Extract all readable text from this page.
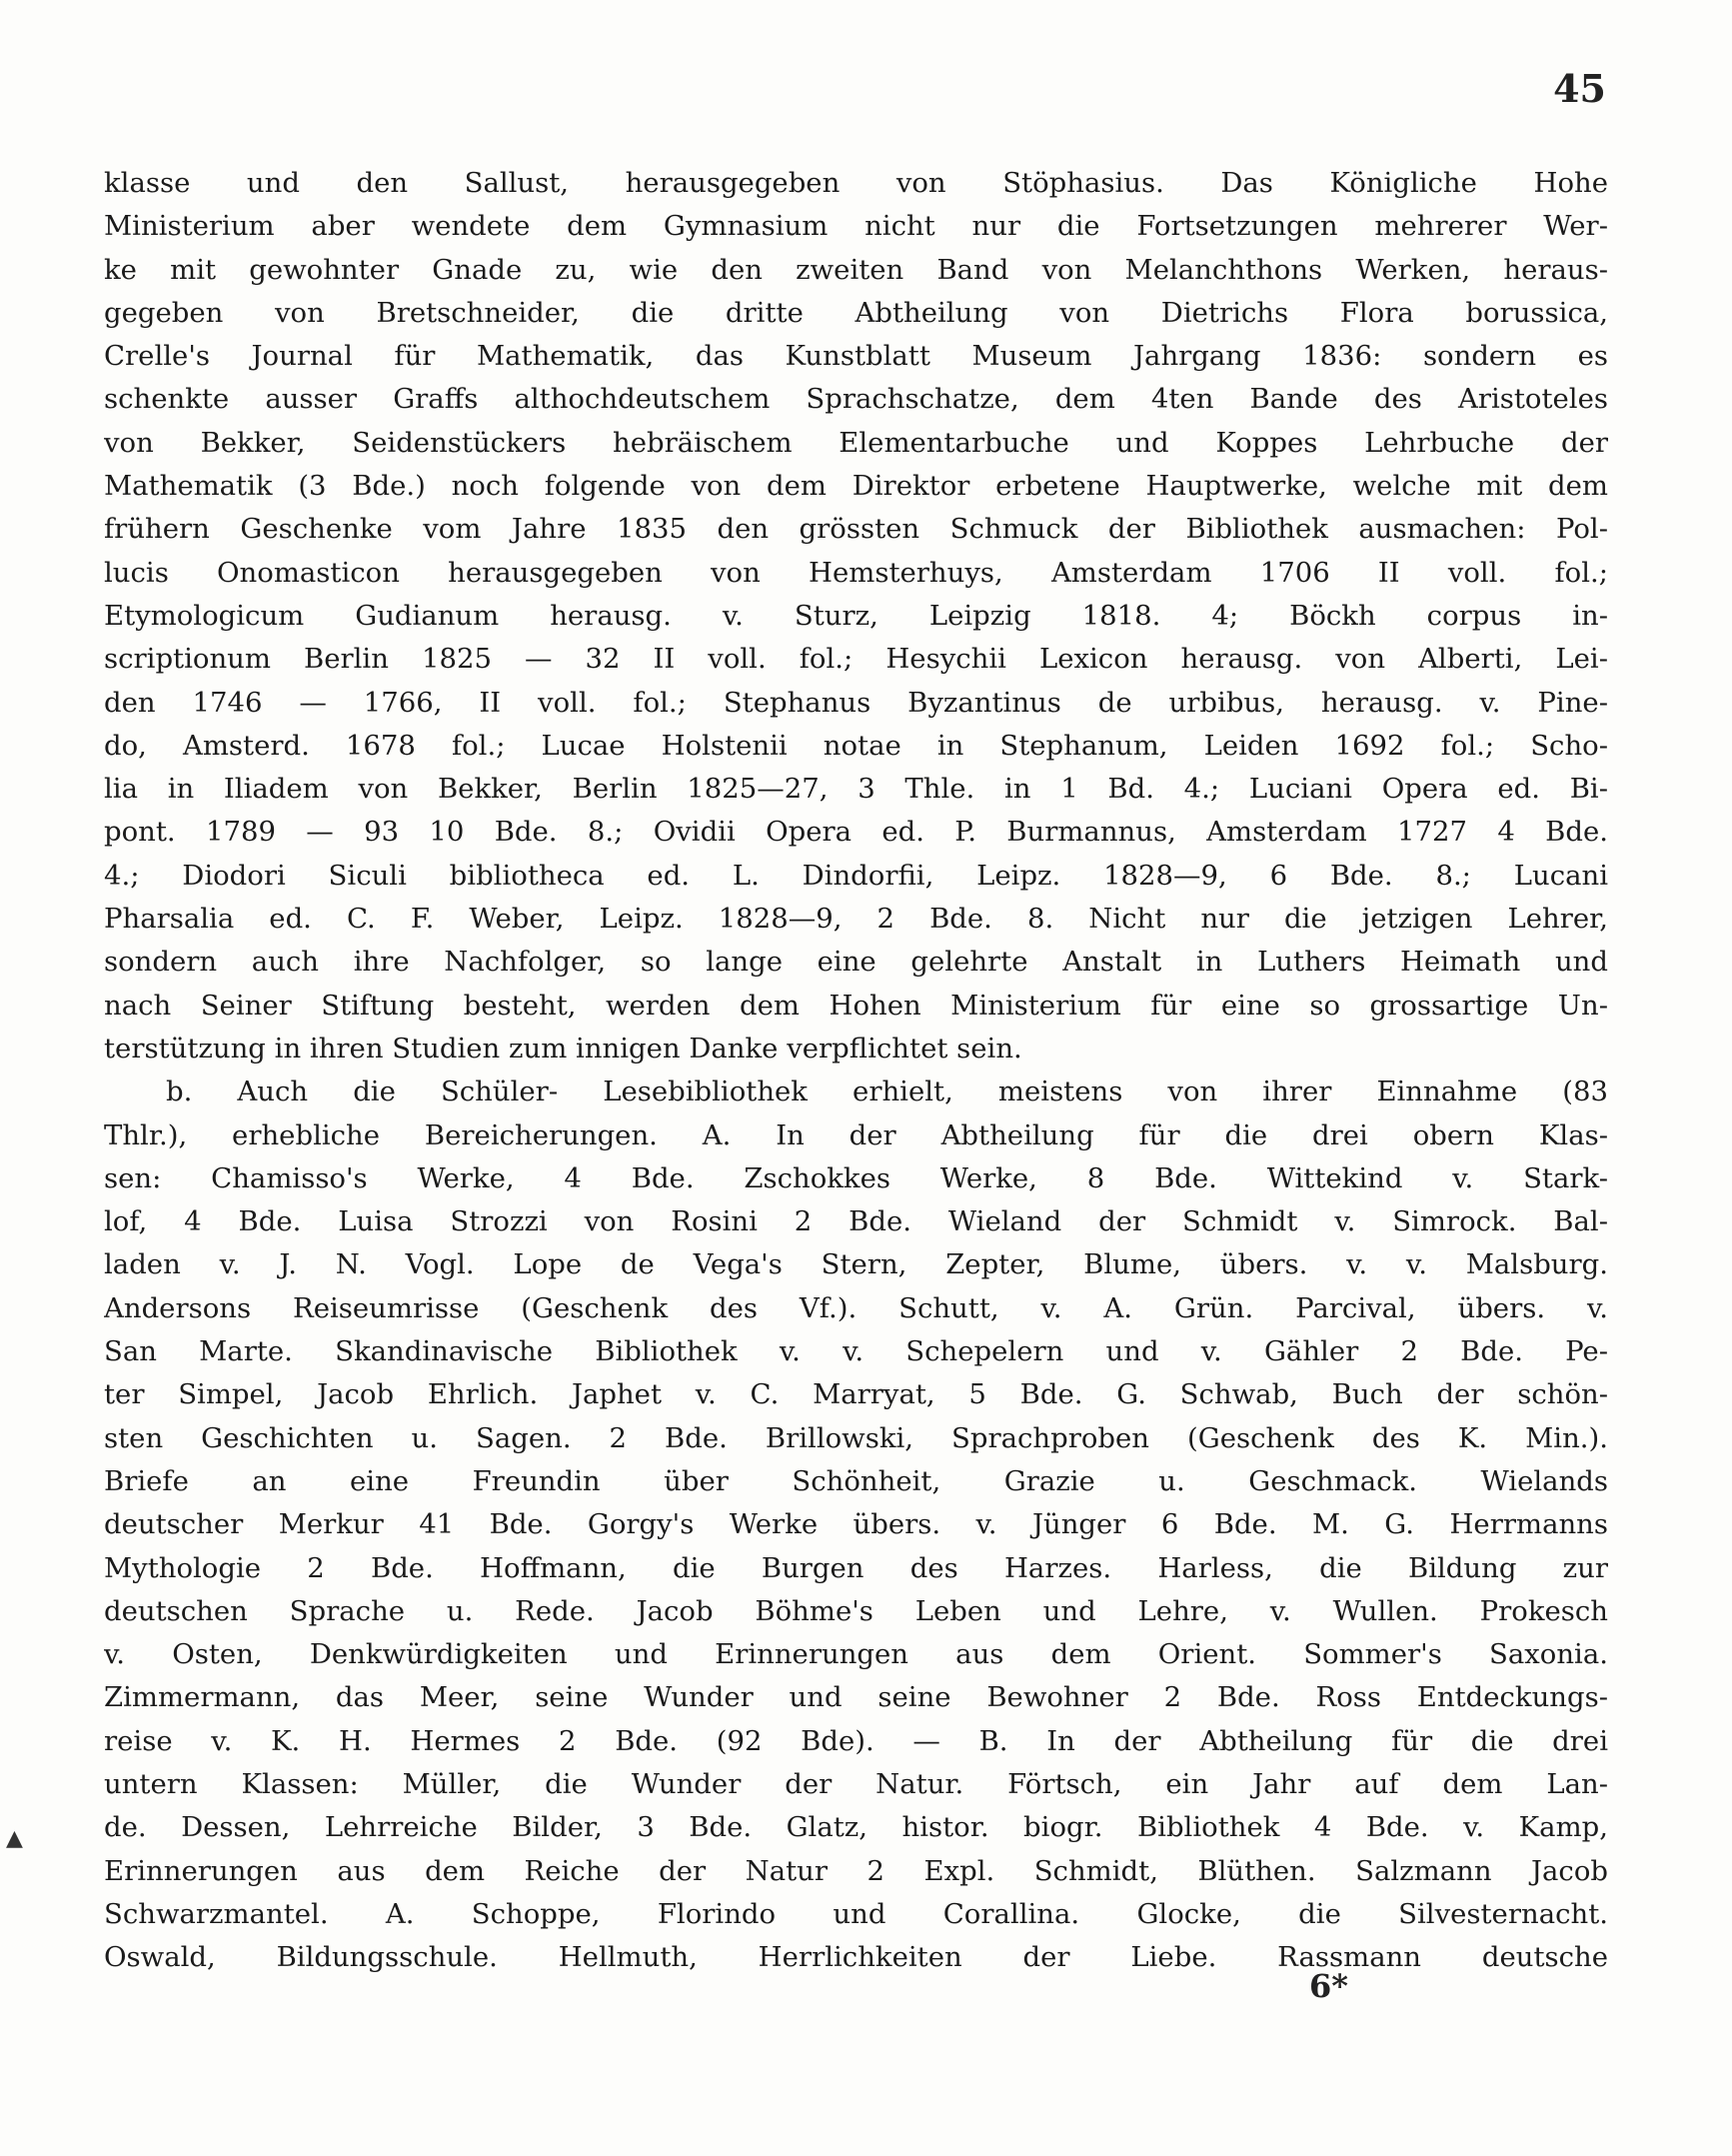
45
klasse und den Sallust, herausgegeben von Stöphasius. Das Königliche Hohe
Ministerium aber wendete dem Gymnasium nicht nur die Fortsetzungen mehrerer Wer-
ke mit gewohnter Gnade zu, wie den zweiten Band von Melanchthons Werken, heraus-
gegeben von Bretschneider, die dritte Abtheilung von Dietrichs Flora borussica,
Crelle's Journal für Mathematik, das Kunstblatt Museum Jahrgang 1836: sondern es
schenkte ausser Graffs althochdeutschem Sprachschatze, dem 4ten Bande des Aristoteles
von Bekker, Seidenstückers hebräischem Elementarbuche und Koppes Lehrbuche der
Mathematik (3 Bde.) noch folgende von dem Direktor erbetene Hauptwerke, welche mit dem
frühern Geschenke vom Jahre 1835 den grössten Schmuck der Bibliothek ausmachen: Pol-
lucis Onomasticon herausgegeben von Hemsterhuys, Amsterdam 1706 II voll. fol.;
Etymologicum Gudianum herausg. v. Sturz, Leipzig 1818. 4; Böckh corpus in-
scriptionum Berlin 1825 — 32 II voll. fol.; Hesychii Lexicon herausg. von Alberti, Lei-
den 1746 — 1766, II voll. fol.; Stephanus Byzantinus de urbibus, herausg. v. Pine-
do, Amsterd. 1678 fol.; Lucae Holstenii notae in Stephanum, Leiden 1692 fol.; Scho-
lia in Iliadem von Bekker, Berlin 1825—27, 3 Thle. in 1 Bd. 4.; Luciani Opera ed. Bi-
pont. 1789 — 93 10 Bde. 8.; Ovidii Opera ed. P. Burmannus, Amsterdam 1727 4 Bde.
4.; Diodori Siculi bibliotheca ed. L. Dindorfii, Leipz. 1828—9, 6 Bde. 8.; Lucani
Pharsalia ed. C. F. Weber, Leipz. 1828—9, 2 Bde. 8. Nicht nur die jetzigen Lehrer,
sondern auch ihre Nachfolger, so lange eine gelehrte Anstalt in Luthers Heimath und
nach Seiner Stiftung besteht, werden dem Hohen Ministerium für eine so grossartige Un-
terstützung in ihren Studien zum innigen Danke verpflichtet sein.
b. Auch die Schüler- Lesebibliothek erhielt, meistens von ihrer Einnahme (83
Thlr.), erhebliche Bereicherungen. A. In der Abtheilung für die drei obern Klas-
sen: Chamisso's Werke, 4 Bde. Zschokkes Werke, 8 Bde. Wittekind v. Stark-
lof, 4 Bde. Luisa Strozzi von Rosini 2 Bde. Wieland der Schmidt v. Simrock. Bal-
laden v. J. N. Vogl. Lope de Vega's Stern, Zepter, Blume, übers. v. v. Malsburg.
Andersons Reiseumrisse (Geschenk des Vf.). Schutt, v. A. Grün. Parcival, übers. v.
San Marte. Skandinavische Bibliothek v. v. Schepelern und v. Gähler 2 Bde. Pe-
ter Simpel, Jacob Ehrlich. Japhet v. C. Marryat, 5 Bde. G. Schwab, Buch der schön-
sten Geschichten u. Sagen. 2 Bde. Brillowski, Sprachproben (Geschenk des K. Min.).
Briefe an eine Freundin über Schönheit, Grazie u. Geschmack. Wielands
deutscher Merkur 41 Bde. Gorgy's Werke übers. v. Jünger 6 Bde. M. G. Herrmanns
Mythologie 2 Bde. Hoffmann, die Burgen des Harzes. Harless, die Bildung zur
deutschen Sprache u. Rede. Jacob Böhme's Leben und Lehre, v. Wullen. Prokesch
v. Osten, Denkwürdigkeiten und Erinnerungen aus dem Orient. Sommer's Saxonia.
Zimmermann, das Meer, seine Wunder und seine Bewohner 2 Bde. Ross Entdeckungs-
reise v. K. H. Hermes 2 Bde. (92 Bde). — B. In der Abtheilung für die drei
untern Klassen: Müller, die Wunder der Natur. Förtsch, ein Jahr auf dem Lan-
de. Dessen, Lehrreiche Bilder, 3 Bde. Glatz, histor. biogr. Bibliothek 4 Bde. v. Kamp,
Erinnerungen aus dem Reiche der Natur 2 Expl. Schmidt, Blüthen. Salzmann Jacob
Schwarzmantel. A. Schoppe, Florindo und Corallina. Glocke, die Silvesternacht.
Oswald, Bildungsschule. Hellmuth, Herrlichkeiten der Liebe. Rassmann deutsche
6*
▲
